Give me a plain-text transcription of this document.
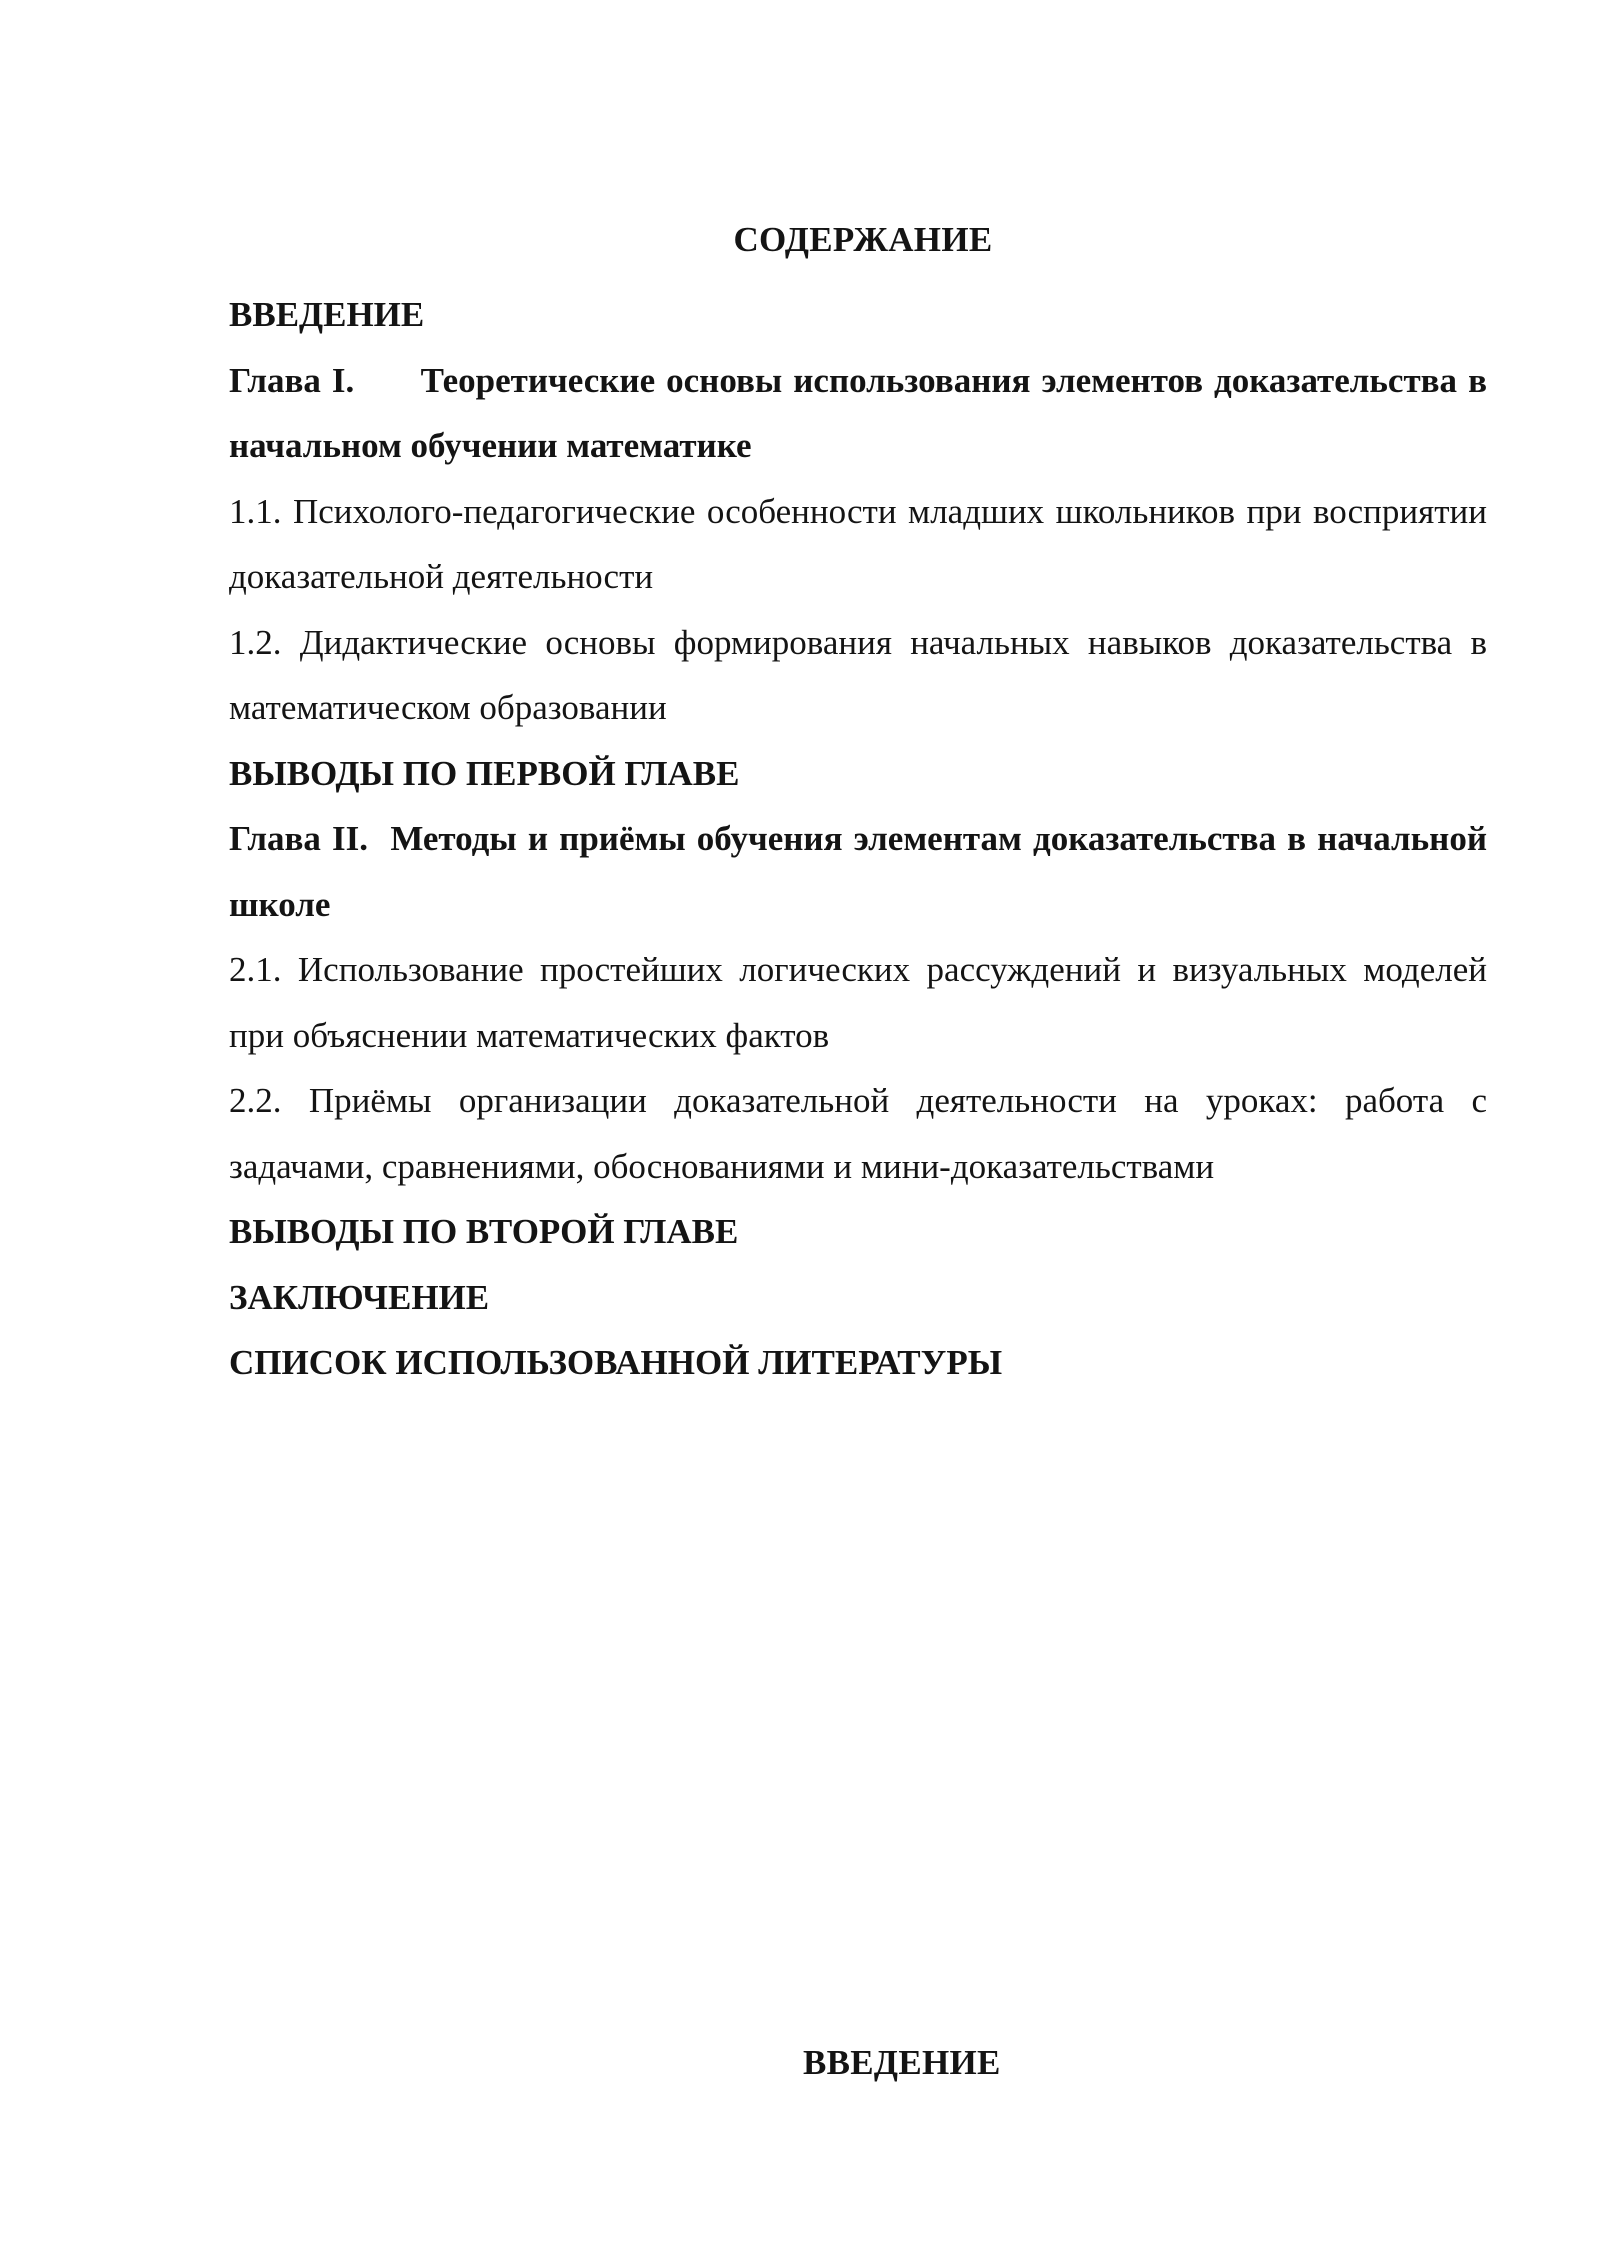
СОДЕРЖАНИЕ
ВВЕДЕНИЕ
Глава I.      Теоретические основы использования элементов доказательства в начальном обучении математике
1.1. Психолого-педагогические особенности младших школьников при восприятии доказательной деятельности
1.2. Дидактические основы формирования начальных навыков доказательства в математическом образовании
ВЫВОДЫ ПО ПЕРВОЙ ГЛАВЕ
Глава II.  Методы и приёмы обучения элементам доказательства в начальной школе
2.1. Использование простейших логических рассуждений и визуальных моделей при объяснении математических фактов
2.2. Приёмы организации доказательной деятельности на уроках: работа с задачами, сравнениями, обоснованиями и мини-доказательствами
ВЫВОДЫ ПО ВТОРОЙ ГЛАВЕ
ЗАКЛЮЧЕНИЕ
СПИСОК ИСПОЛЬЗОВАННОЙ ЛИТЕРАТУРЫ
ВВЕДЕНИЕ
